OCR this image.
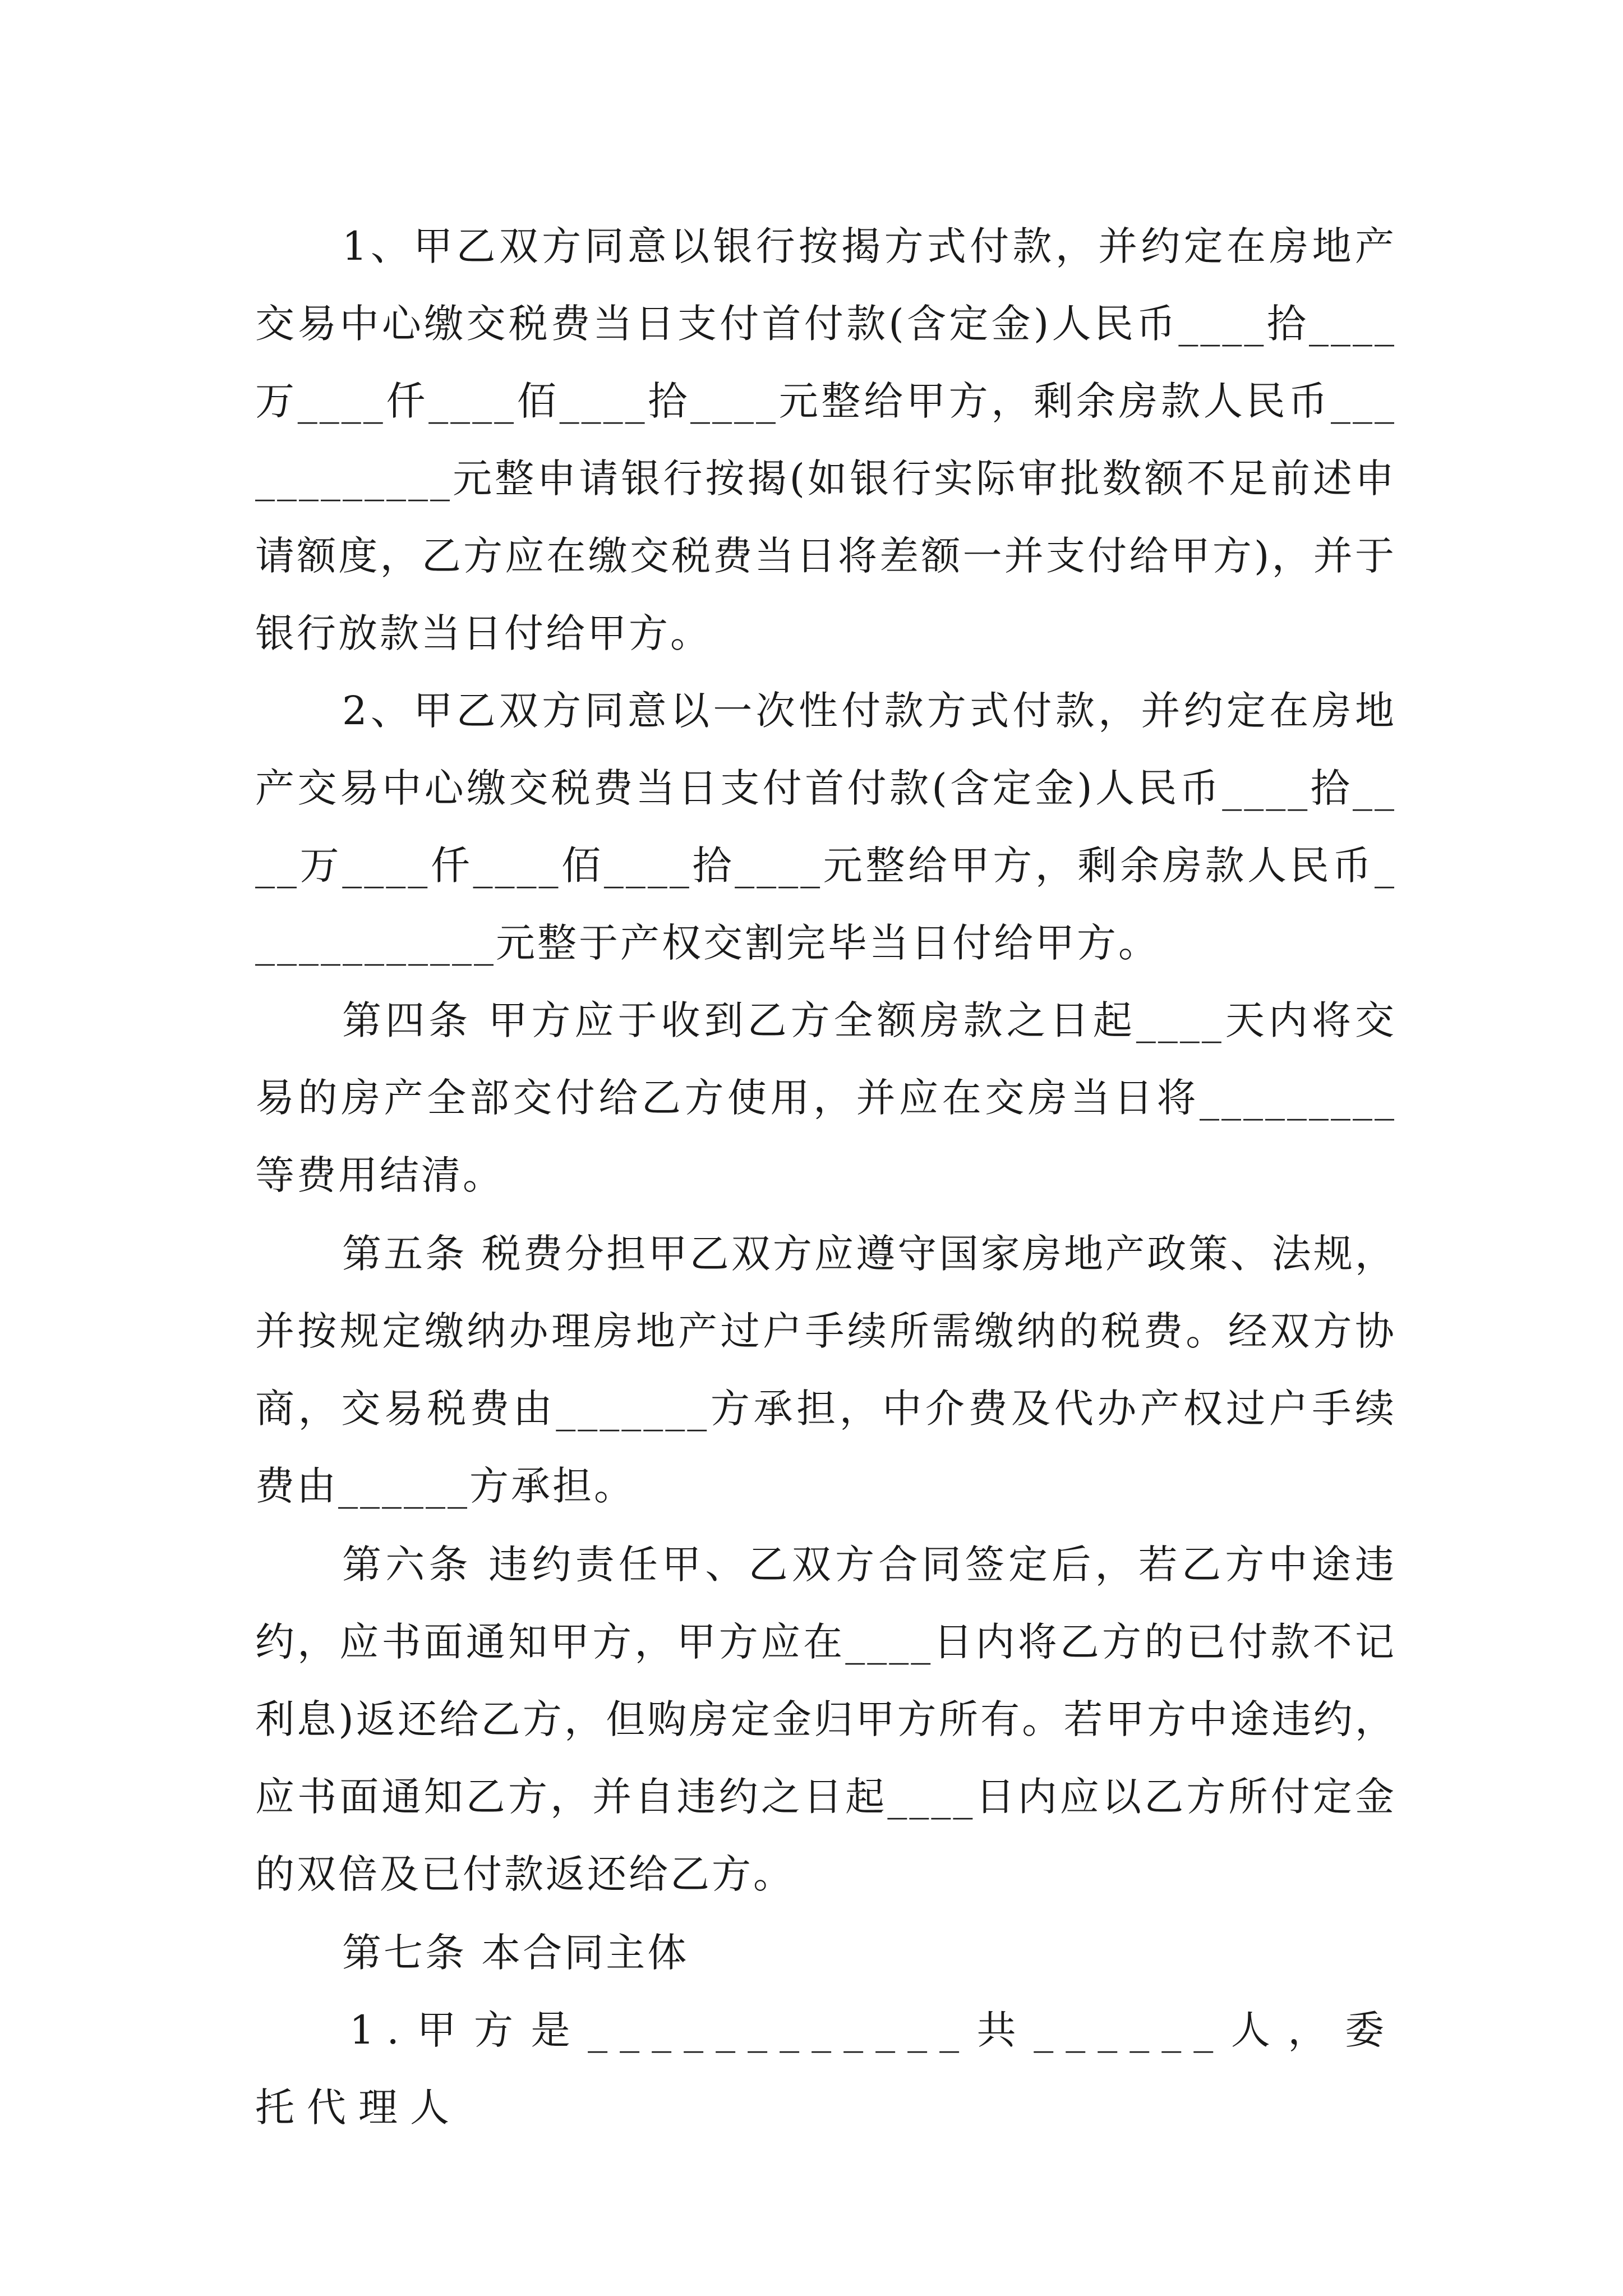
1、甲乙双方同意以银行按揭方式付款，并约定在房地产交易中心缴交税费当日支付首付款(含定金)人民币____拾____万____仟____佰____拾____元整给甲方，剩余房款人民币____________元整申请银行按揭(如银行实际审批数额不足前述申请额度，乙方应在缴交税费当日将差额一并支付给甲方)，并于银行放款当日付给甲方。

2、甲乙双方同意以一次性付款方式付款，并约定在房地产交易中心缴交税费当日支付首付款(含定金)人民币____拾____万____仟____佰____拾____元整给甲方，剩余房款人民币____________元整于产权交割完毕当日付给甲方。

第四条 甲方应于收到乙方全额房款之日起____天内将交易的房产全部交付给乙方使用，并应在交房当日将_________等费用结清。

第五条 税费分担甲乙双方应遵守国家房地产政策、法规，并按规定缴纳办理房地产过户手续所需缴纳的税费。经双方协商，交易税费由_______方承担，中介费及代办产权过户手续费由______方承担。

第六条 违约责任甲、乙双方合同签定后，若乙方中途违约，应书面通知甲方，甲方应在____日内将乙方的已付款不记利息)返还给乙方，但购房定金归甲方所有。若甲方中途违约，应书面通知乙方，并自违约之日起____日内应以乙方所付定金的双倍及已付款返还给乙方。

第七条 本合同主体

1.甲方是____________共______人，委托代理人
